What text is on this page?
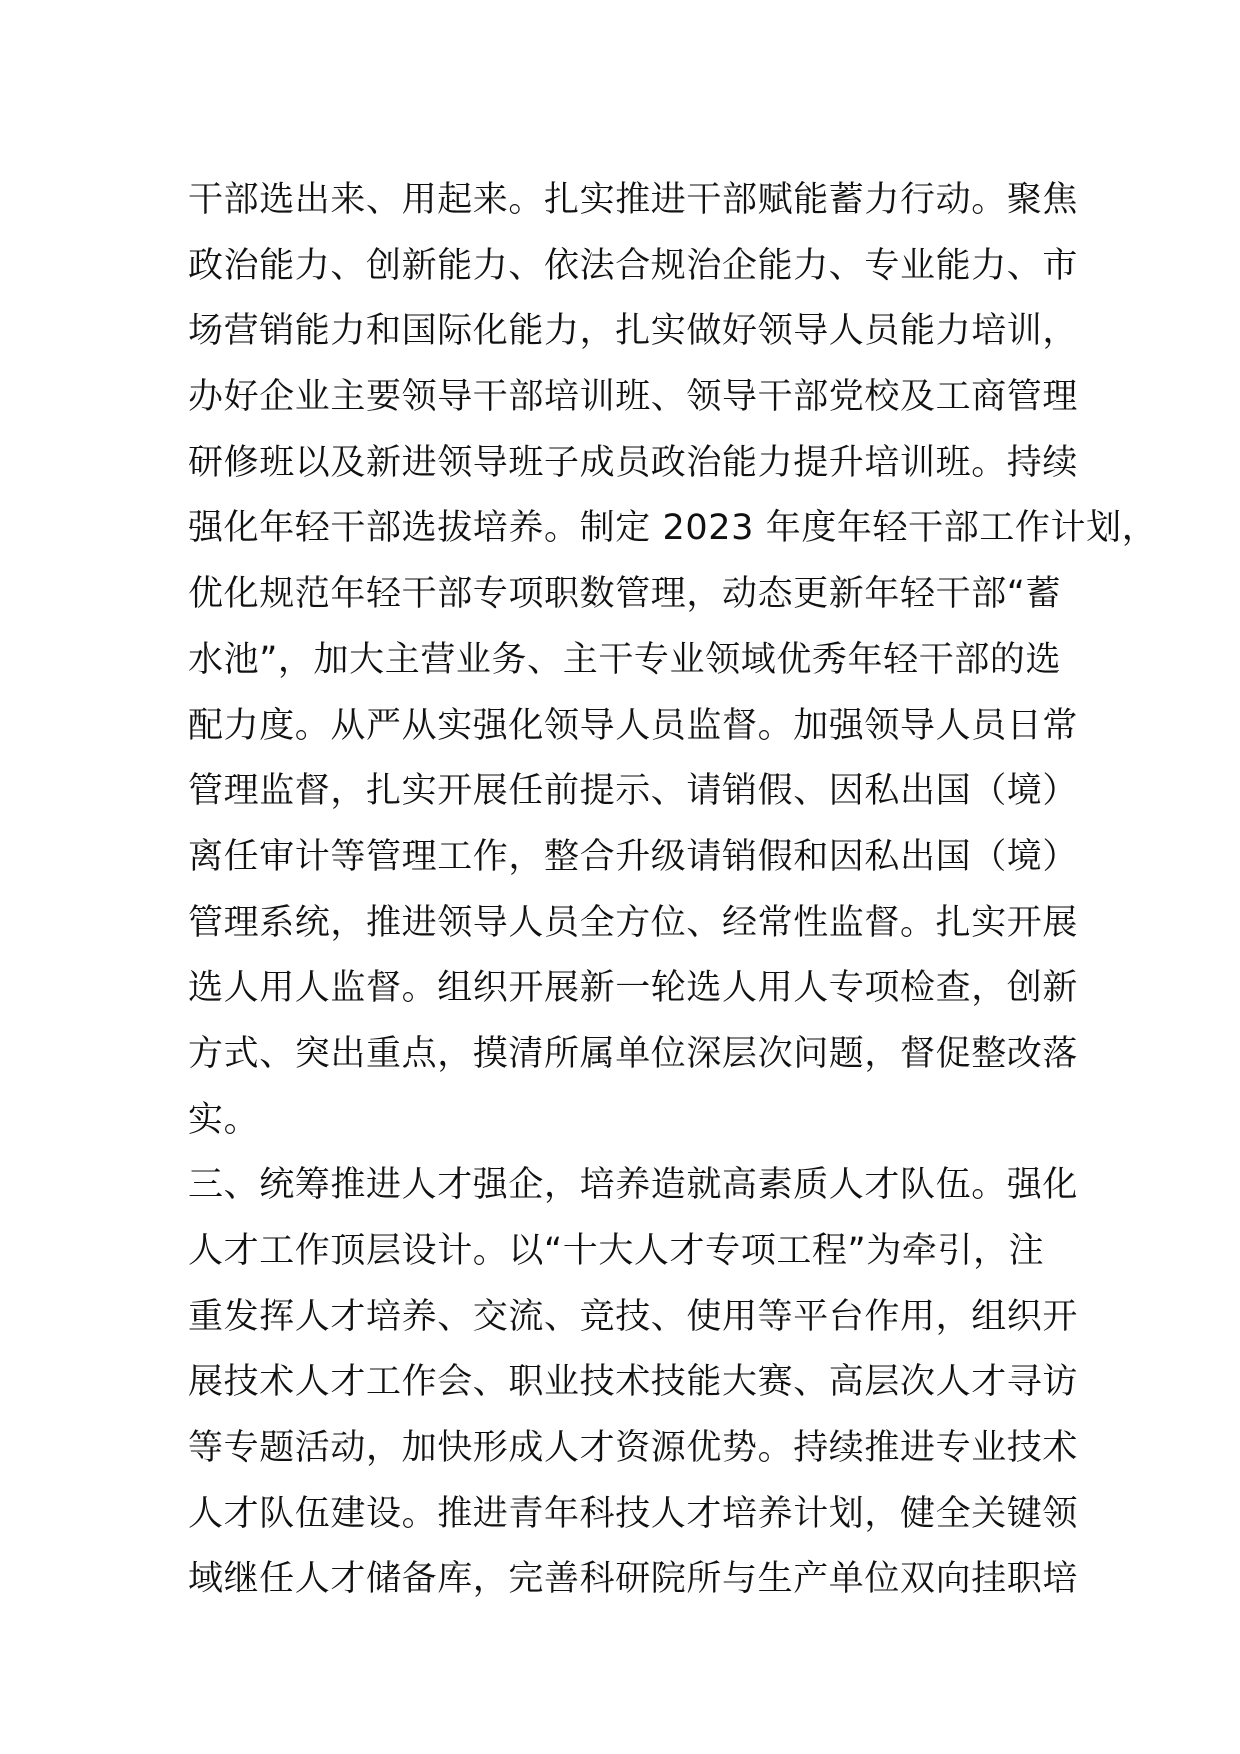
干部选出来、用起来。扎实推进干部赋能蓄力行动。聚焦
政治能力、创新能力、依法合规治企能力、专业能力、市
场营销能力和国际化能力，扎实做好领导人员能力培训，
办好企业主要领导干部培训班、领导干部党校及工商管理
研修班以及新进领导班子成员政治能力提升培训班。持续
强化年轻干部选拔培养。制定 2023 年度年轻干部工作计划，
优化规范年轻干部专项职数管理，动态更新年轻干部“蓄
水池”，加大主营业务、主干专业领域优秀年轻干部的选
配力度。从严从实强化领导人员监督。加强领导人员日常
管理监督，扎实开展任前提示、请销假、因私出国（境）
离任审计等管理工作，整合升级请销假和因私出国（境）
管理系统，推进领导人员全方位、经常性监督。扎实开展
选人用人监督。组织开展新一轮选人用人专项检查，创新
方式、突出重点，摸清所属单位深层次问题，督促整改落
实。
三、统筹推进人才强企，培养造就高素质人才队伍。强化
人才工作顶层设计。以“十大人才专项工程”为牵引，注
重发挥人才培养、交流、竞技、使用等平台作用，组织开
展技术人才工作会、职业技术技能大赛、高层次人才寻访
等专题活动，加快形成人才资源优势。持续推进专业技术
人才队伍建设。推进青年科技人才培养计划，健全关键领
域继任人才储备库，完善科研院所与生产单位双向挂职培
